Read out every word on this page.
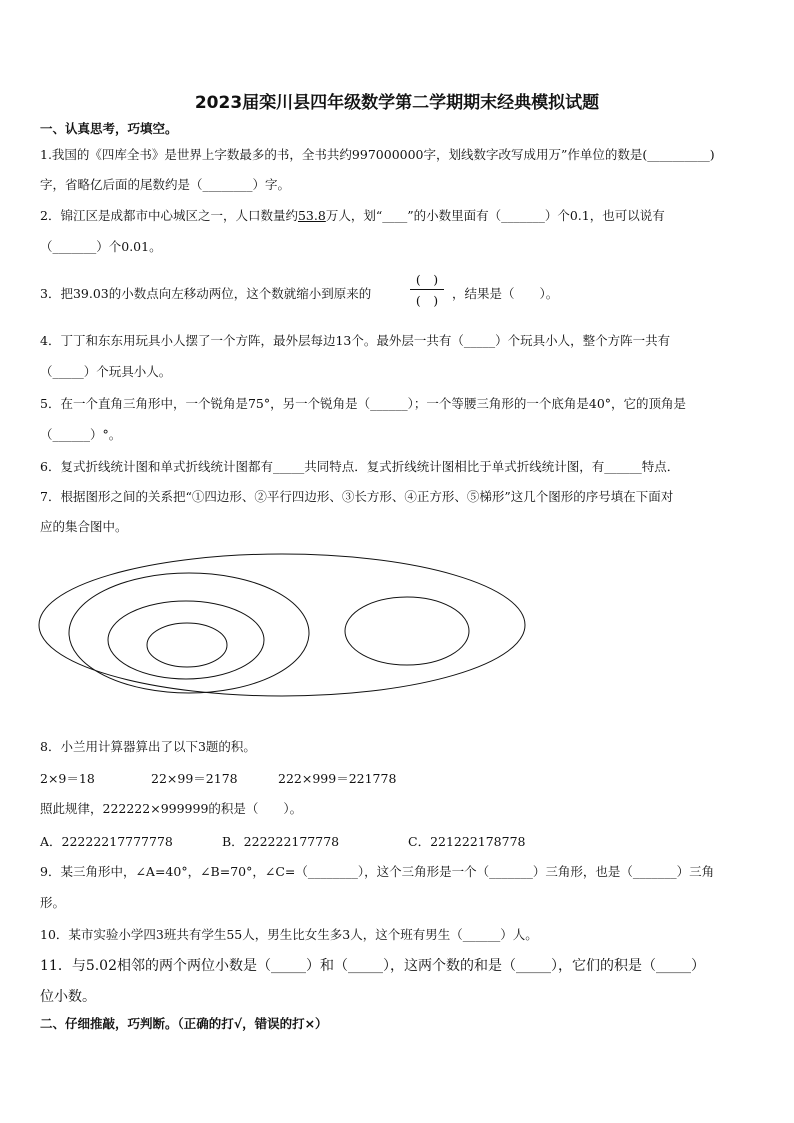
2023届栾川县四年级数学第二学期期末经典模拟试题
一、认真思考，巧填空。
1.我国的《四库全书》是世界上字数最多的书，全书共约997000000字，划线数字改写成用万”作单位的数是(__________)
字，省略亿后面的尾数约是（________）字。
2．锦江区是成都市中心城区之一，人口数量约53.8万人，划“____”的小数里面有（_______）个0.1，也可以说有
（_______）个0.01。
3．把39.03的小数点向左移动两位，这个数就缩小到原来的
(　)
(　) ，结果是（　　）。
4．丁丁和东东用玩具小人摆了一个方阵，最外层每边13个。最外层一共有（_____）个玩具小人，整个方阵一共有
（_____）个玩具小人。
5．在一个直角三角形中，一个锐角是75°，另一个锐角是（______）；一个等腰三角形的一个底角是40°，它的顶角是
（______）°。
6．复式折线统计图和单式折线统计图都有_____共同特点．复式折线统计图相比于单式折线统计图，有______特点．
7．根据图形之间的关系把“①四边形、②平行四边形、③长方形、④正方形、⑤梯形”这几个图形的序号填在下面对
应的集合图中。
8．小兰用计算器算出了以下3题的积。
2×9＝18	22×99＝2178	222×999＝221778
照此规律，222222×999999的积是（　　）。
A．22222217777778	B．222222177778	C．221222178778
9．某三角形中，∠A=40°，∠B=70°，∠C=（________），这个三角形是一个（_______）三角形，也是（_______）三角
形。
10．某市实验小学四3班共有学生55人，男生比女生多3人，这个班有男生（______）人。
11．与5.02相邻的两个两位小数是（_____）和（_____），这两个数的和是（_____），它们的积是（_____）
位小数。
二、仔细推敲，巧判断。（正确的打√，错误的打×）
